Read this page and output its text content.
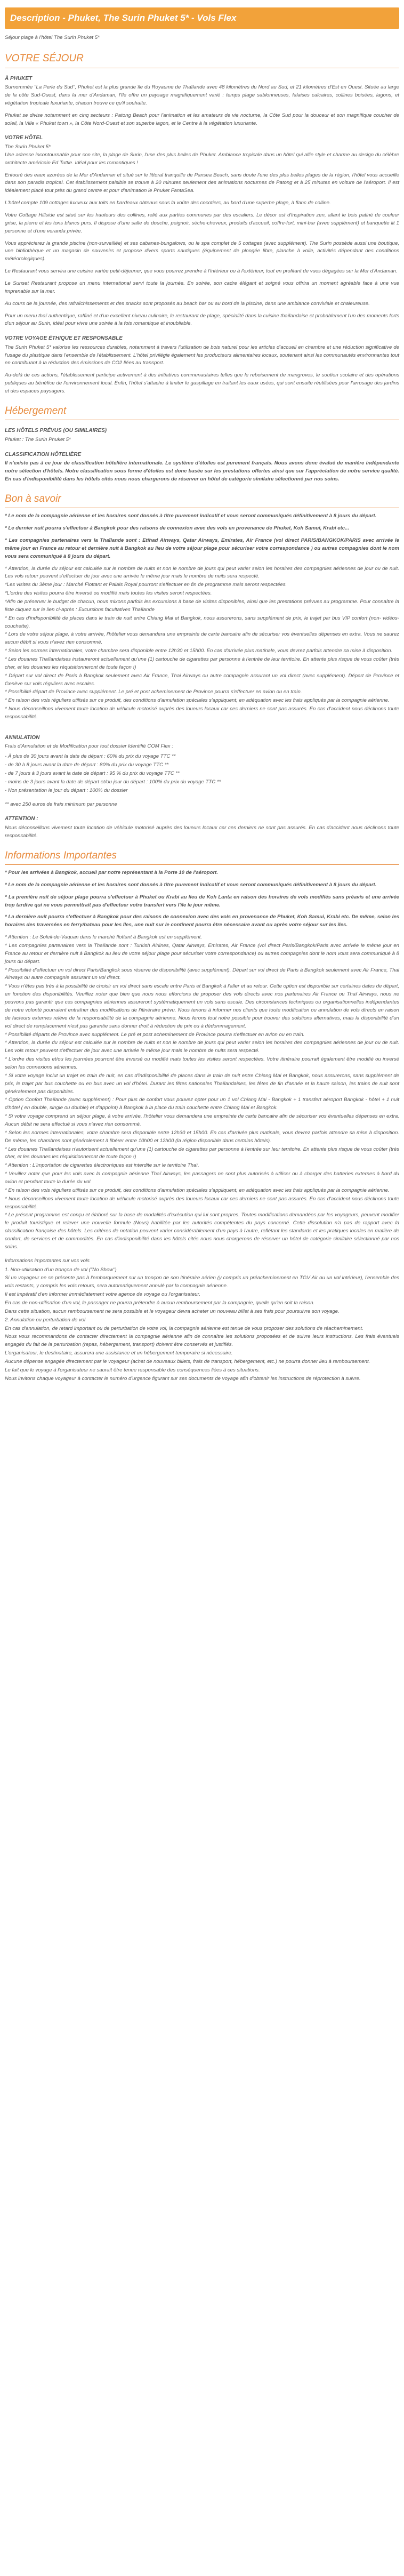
Description - Phuket, The Surin Phuket 5* - Vols Flex

Séjour plage à l'hôtel The Surin Phuket 5*

VOTRE SÉJOUR
À PHUKET

Surnommée "La Perle du Sud", Phuket est la plus grande île du Royaume de Thaïlande avec 48 kilomètres du Nord au Sud, et 21 kilomètres d'Est en Ouest. Située au large de la côte Sud-Ouest, dans la mer d'Andaman, l'île offre un paysage magnifiquement varié : temps plage sablonneuses, falaises calcaires, collines boisées, lagons, et végétation tropicale luxuriante, chacun trouve ce qu'il souhaite.

Phuket se divise notamment en cinq secteurs : Patong Beach pour l'animation et les amateurs de vie nocturne, la Côte Sud pour la douceur et son magnifique coucher de soleil, la Ville « Phuket town », la Côte Nord-Ouest et son superbe lagon, et le Centre à la végétation luxuriante.

VOTRE HÔTEL

The Surin Phuket 5*

Une adresse incontournable pour son site, la plage de Surin, l'une des plus belles de Phuket. Ambiance tropicale dans un hôtel qui allie style et charme au design du célèbre architecte américain Ed Tuttle. Idéal pour les romantiques !

Entouré des eaux azurées de la Mer d'Andaman et situé sur le littoral tranquille de Pansea Beach, sans doute l'une des plus belles plages de la région, l'hôtel vous accueille dans son paradis tropical. Cet établissement paisible se trouve à 20 minutes seulement des animations nocturnes de Patong et à 25 minutes en voiture de l'aéroport. Il est idéalement placé tout près du grand centre et pour d'animation le Phuket FantaSea.

L'hôtel compte 109 cottages luxueux aux toits en bardeaux obtenus sous la voûte des cocotiers, au bord d'une superbe plage, à flanc de colline.

Votre Cottage Hillside est situé sur les hauteurs des collines, relié aux parties communes par des escaliers. Le décor est d'inspiration zen, allant le bois patiné de couleur grise, la pierre et les tons blancs purs. Il dispose d'une salle de douche, peignoir, sèche-cheveux, produits d'accueil, coffre-fort, mini-bar (avec supplément) et banquette lit 1 personne et d'une veranda privée.

Vous apprécierez la grande piscine (non-surveillée) et ses cabanes-bungalows, ou le spa complet de 5 cottages (avec supplément). The Surin possède aussi une boutique, une bibliothèque et un magasin de souvenirs et propose divers sports nautiques (équipement de plongée libre, planche à voile, activités dépendant des conditions météorologiques).

Le Restaurant vous servira une cuisine variée petit-déjeuner, que vous pourrez prendre à l'intérieur ou à l'extérieur, tout en profitant de vues dégagées sur la Mer d'Andaman.

Le Sunset Restaurant propose un menu international servi toute la journée. En soirée, son cadre élégant et soigné vous offrira un moment agréable face à une vue imprenable sur la mer.

Au cours de la journée, des rafraîchissements et des snacks sont proposés au beach bar ou au bord de la piscine, dans une ambiance conviviale et chaleureuse.

Pour un menu thaï authentique, raffiné et d'un excellent niveau culinaire, le restaurant de plage, spécialité dans la cuisine thaïlandaise et probablement l'un des moments forts d'un séjour au Surin, idéal pour vivre une soirée à la fois romantique et inoubliable.

VOTRE VOYAGE ÉTHIQUE ET RESPONSABLE

The Surin Phuket 5* valorise les ressources durables, notamment à travers l'utilisation de bois naturel pour les articles d'accueil en chambre et une réduction significative de l'usage du plastique dans l'ensemble de l'établissement. L'hôtel privilégie également les producteurs alimentaires locaux, soutenant ainsi les communautés environnantes tout en contribuant à la réduction des émissions de CO2 liées au transport.

Au-delà de ces actions, l'établissement participe activement à des initiatives communautaires telles que le reboisement de mangroves, le soutien scolaire et des opérations publiques au bénéfice de l'environnement local. Enfin, l'hôtel s'attache à limiter le gaspillage en traitant les eaux usées, qui sont ensuite réutilisées pour l'arrosage des jardins et des espaces paysagers.

Hébergement
LES HÔTELS PRÉVUS (OU SIMILAIRES)

Phuket : The Surin Phuket 5*

CLASSIFICATION HÔTELIÈRE

Il n'existe pas à ce jour de classification hôtelière internationale. Le système d'étoiles est purement français. Nous avons donc évalué de manière indépendante notre sélection d'hôtels. Notre classification sous forme d'étoiles est donc basée sur les prestations offertes ainsi que sur l'appréciation de notre service qualité. En cas d'indisponibilité dans les hôtels cités nous nous chargerons de réserver un hôtel de catégorie similaire sélectionné par nos soins.

Bon à savoir

* Le nom de la compagnie aérienne et les horaires sont donnés à titre purement indicatif et vous seront communiqués définitivement à 8 jours du départ.

* Le dernier nuit pourra s'effectuer à Bangkok pour des raisons de connexion avec des vols en provenance de Phuket, Koh Samui, Krabi etc...

* Les compagnies partenaires vers la Thaïlande sont : Etihad Airways, Qatar Airways, Emirates, Air France (vol direct PARIS/BANGKOK/PARIS avec arrivée le même jour en France au retour et dernière nuit à Bangkok au lieu de votre séjour plage pour sécuriser votre correspondance ) ou autres compagnies dont le nom vous sera communiqué à 8 jours du départ.

* Attention, la durée du séjour est calculée sur le nombre de nuits et non le nombre de jours qui peut varier selon les horaires des compagnies aériennes de jour ou de nuit. Les vols retour peuvent s'effectuer de jour avec une arrivée le même jour mais le nombre de nuits sera respecté.

*Les visites du 3ème jour : Marché Flottant et Palais Royal pourront s'effectuer en fin de programme mais seront respectées.

*L'ordre des visites pourra être inversé ou modifié mais toutes les visites seront respectées.

*Afin de préserver le budget de chacun, nous mixons parfois les excursions à base de visites disponibles, ainsi que les prestations prévues au programme. Pour connaître la liste cliquez sur le lien ci-après : Excursions facultatives Thaïlande

* En cas d'indisponibilité de places dans le train de nuit entre Chiang Mai et Bangkok, nous assurerons, sans supplément de prix, le trajet par bus VIP confort (non- vidéos-couchette).

* Lors de votre séjour plage, à votre arrivée, l'hôtelier vous demandera une empreinte de carte bancaire afin de sécuriser vos éventuelles dépenses en extra. Vous ne saurez aucun débit si vous n'avez rien consommé.

* Selon les normes internationales, votre chambre sera disponible entre 12h30 et 15h00. En cas d'arrivée plus matinale, vous devrez parfois attendre sa mise à disposition.

* Les douanes Thaïlandaises instaureront actuellement qu'une (1) cartouche de cigarettes par personne à l'entrée de leur territoire. En attente plus risque de vous coûter (très cher, et les douanes les réquisitionneront de toute façon !)

* Départ sur vol direct de Paris à Bangkok seulement avec Air France, Thai Airways ou autre compagnie assurant un vol direct (avec supplément). Départ de Province et Genève sur vols réguliers avec escales.

* Possibilité départ de Province avec supplément. Le pré et post acheminement de Province pourra s'effectuer en avion ou en train.

* En raison des vols réguliers utilisés sur ce produit, des conditions d'annulation spéciales s'appliquent, en adéquation avec les frais appliqués par la compagnie aérienne.

* Nous déconseillons vivement toute location de véhicule motorisé auprès des loueurs locaux car ces derniers ne sont pas assurés. En cas d'accident nous déclinons toute responsabilité.

ANNULATION

Frais d'Annulation et de Modification pour tout dossier Identifié COM Flex :

- À plus de 30 jours avant la date de départ : 60% du prix du voyage TTC **

- de 30 à 8 jours avant la date de départ : 80% du prix du voyage TTC **

- de 7 jours à 3 jours avant la date de départ : 95 % du prix du voyage TTC **

- moins de 3 jours avant la date de départ et/ou jour du départ : 100% du prix du voyage TTC **

- Non présentation le jour du départ : 100% du dossier

** avec 250 euros de frais minimum par personne

ATTENTION :

Nous déconseillons vivement toute location de véhicule motorisé auprès des loueurs locaux car ces derniers ne sont pas assurés. En cas d'accident nous déclinons toute responsabilité.

Informations Importantes

* Pour les arrivées à Bangkok, accueil par notre représentant à la Porte 10 de l'aéroport.

* Le nom de la compagnie aérienne et les horaires sont donnés à titre purement indicatif et vous seront communiqués définitivement à 8 jours du départ.

* La première nuit de séjour plage pourra s'effectuer à Phuket ou Krabi au lieu de Koh Lanta en raison des horaires de vols modifiés sans préavis et une arrivée trop tardive qui ne vous permettrait pas d'effectuer votre transfert vers l'île le jour même.

* La dernière nuit pourra s'effectuer à Bangkok pour des raisons de connexion avec des vols en provenance de Phuket, Koh Samui, Krabi etc. De même, selon les horaires des traversées en ferry/bateau pour les îles, une nuit sur le continent pourra être nécessaire avant ou après votre séjour sur les îles.

* Attention : Le Soleil-de-Vaquan dans le marché flottant à Bangkok est en supplément.

* Les compagnies partenaires vers la Thaïlande sont : Turkish Airlines, Qatar Airways, Emirates, Air France (vol direct Paris/Bangkok/Paris avec arrivée le même jour en France au retour et dernière nuit à Bangkok au lieu de votre séjour plage pour sécuriser votre correspondance) ou autres compagnies dont le nom vous sera communiqué à 8 jours du départ.

* Possibilité d'effectuer un vol direct Paris/Bangkok sous réserve de disponibilité (avec supplément). Départ sur vol direct de Paris à Bangkok seulement avec Air France, Thai Airways ou autre compagnie assurant un vol direct.

* Vous n'êtes pas très à la possibilité de choisir un vol direct sans escale entre Paris et Bangkok à l'aller et au retour. Cette option est disponible sur certaines dates de départ, en fonction des disponibilités. Veuillez noter que bien que nous nous efforcions de proposer des vols directs avec nos partenaires Air France ou Thaï Airways, nous ne pouvons pas garantir que ces compagnies aériennes assureront systématiquement un vols sans escale. Des circonstances techniques ou organisationnelles indépendantes de notre volonté pourraient entraîner des modifications de l'itinéraire prévu. Nous tenons à informer nos clients que toute modification ou annulation de vols directs en raison de facteurs externes relève de la responsabilité de la compagnie aérienne. Nous ferons tout notre possible pour trouver des solutions alternatives, mais la disponibilité d'un vol direct de remplacement n'est pas garantie sans donner droit à réduction de prix ou à dédommagement.

* Possibilité départs de Province avec supplément. Le pré et post acheminement de Province pourra s'effectuer en avion ou en train.

* Attention, la durée du séjour est calculée sur le nombre de nuits et non le nombre de jours qui peut varier selon les horaires des compagnies aériennes de jour ou de nuit. Les vols retour peuvent s'effectuer de jour avec une arrivée le même jour mais le nombre de nuits sera respecté.

* L'ordre des visites et/ou les journées pourront être inversé ou modifié mais toutes les visites seront respectées. Votre itinéraire pourrait également être modifié ou inversé selon les connexions aériennes.

* Si votre voyage inclut un trajet en train de nuit, en cas d'indisponibilité de places dans le train de nuit entre Chiang Mai et Bangkok, nous assurerons, sans supplément de prix, le trajet par bus couchette ou en bus avec un vol d'hôtel. Durant les fêtes nationales Thaïlandaises, les fêtes de fin d'année et la haute saison, les trains de nuit sont généralement pas disponibles.

* Option Confort Thaïlande (avec supplément) : Pour plus de confort vous pouvez opter pour un 1 vol Chiang Mai - Bangkok + 1 transfert aéroport Bangkok - hôtel + 1 nuit d'hôtel ( en double, single ou double) et d'appoint) à Bangkok à la place du train couchette entre Chiang Mai et Bangkok.

* Si votre voyage comprend un séjour plage, à votre arrivée, l'hôtelier vous demandera une empreinte de carte bancaire afin de sécuriser vos éventuelles dépenses en extra. Aucun débit ne sera effectué si vous n'avez rien consommé.

* Selon les normes internationales, votre chambre sera disponible entre 12h30 et 15h00. En cas d'arrivée plus matinale, vous devrez parfois attendre sa mise à disposition. De même, les chambres sont généralement à libérer entre 10h00 et 12h00 (la région disponible dans certains hôtels).

* Les douanes Thaïlandaises n'autorisent actuellement qu'une (1) cartouche de cigarettes par personne à l'entrée sur leur territoire. En attente plus risque de vous coûter (très cher, et les douanes les réquisitionneront de toute façon !)

* Attention : L'importation de cigarettes électroniques est interdite sur le territoire Thaï.

* Veuillez noter que pour les vols avec la compagnie aérienne Thaï Airways, les passagers ne sont plus autorisés à utiliser ou à charger des batteries externes à bord du avion et pendant toute la durée du vol.

* En raison des vols réguliers utilisés sur ce produit, des conditions d'annulation spéciales s'appliquent, en adéquation avec les frais appliqués par la compagnie aérienne.

* Nous déconseillons vivement toute location de véhicule motorisé auprès des loueurs locaux car ces derniers ne sont pas assurés. En cas d'accident nous déclinons toute responsabilité.

* Le présent programme est conçu et élaboré sur la base de modalités d'exécution qui lui sont propres. Toutes modifications demandées par les voyageurs, peuvent modifier le produit touristique et relever une nouvelle formule (Nous) habilitée par les autorités compétentes du pays concerné. Cette dissolution n'a pas de rapport avec la classification française des hôtels. Les critères de notation peuvent varier considérablement d'un pays à l'autre, reflétant les standards et les pratiques locales en matière de confort, de services et de commodités. En cas d'indisponibilité dans les hôtels cités nous nous chargerons de réserver un hôtel de catégorie similaire sélectionné par nos soins.

Informations importantes sur vos vols

1. Non-utilisation d'un tronçon de vol ("No Show")

Si un voyageur ne se présente pas à l'embarquement sur un tronçon de son itinéraire aérien (y compris un préacheminement en TGV Air ou un vol intérieur), l'ensemble des vols restants, y compris les vols retours, sera automatiquement annulé par la compagnie aérienne.

Il est impératif d'en informer immédiatement votre agence de voyage ou l'organisateur.

En cas de non-utilisation d'un vol, le passager ne pourra prétendre à aucun remboursement par la compagnie, quelle qu'en soit la raison.

Dans cette situation, aucun remboursement ne sera possible et le voyageur devra acheter un nouveau billet à ses frais pour poursuivre son voyage.

2. Annulation ou perturbation de vol

En cas d'annulation, de retard important ou de perturbation de votre vol, la compagnie aérienne est tenue de vous proposer des solutions de réacheminement.

Nous vous recommandons de contacter directement la compagnie aérienne afin de connaître les solutions proposées et de suivre leurs instructions. Les frais éventuels engagés du fait de la perturbation (repas, hébergement, transport) doivent être conservés et justifiés.

L'organisateur, le destinataire, assurera une assistance et un hébergement temporaire si nécessaire.

Aucune dépense engagée directement par le voyageur (achat de nouveaux billets, frais de transport, hébergement, etc.) ne pourra donner lieu à remboursement.

Le fait que le voyage à l'organisateur ne saurait être tenue responsable des conséquences liées à ces situations.

Nous invitons chaque voyageur à contacter le numéro d'urgence figurant sur ses documents de voyage afin d'obtenir les instructions de réprotection à suivre.
